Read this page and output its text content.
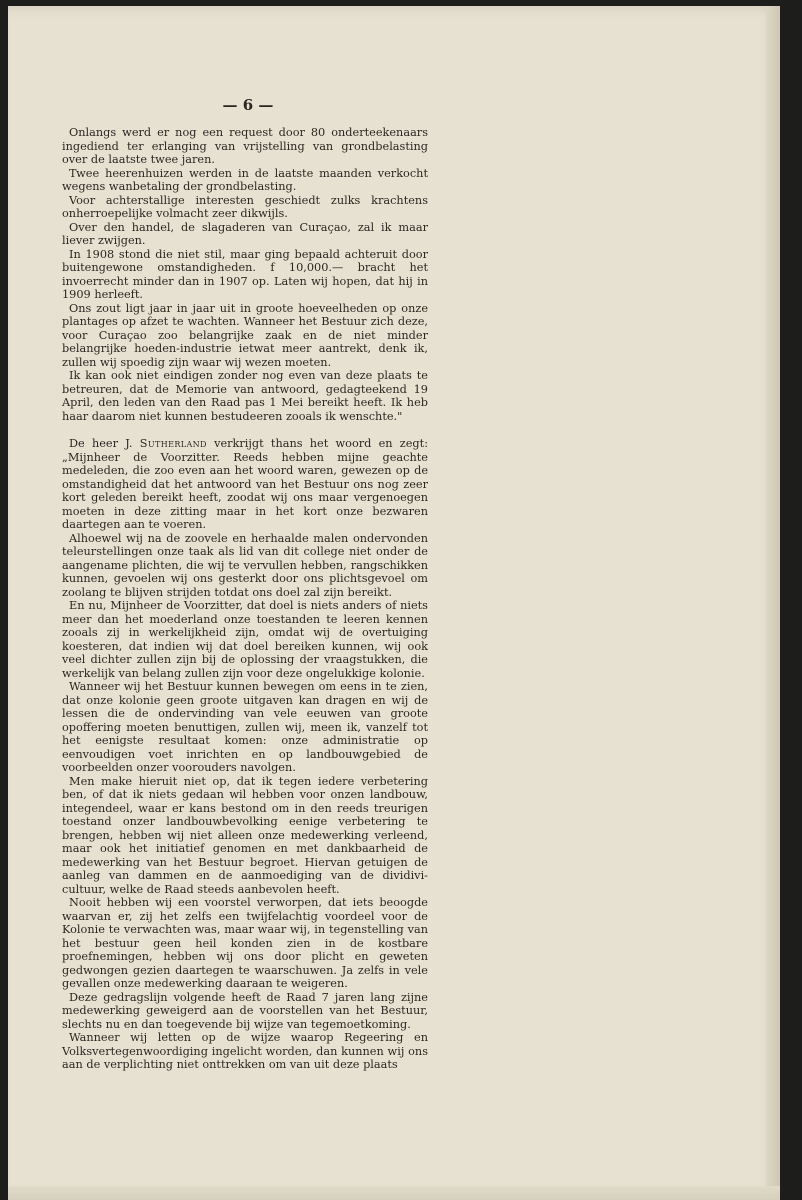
— 6 —

Onlangs werd er nog een request door 80 onderteekenaars ingediend ter erlanging van vrijstelling van grondbelasting over de laatste twee jaren.

Twee heerenhuizen werden in de laatste maanden verkocht wegens wanbetaling der grondbelasting.

Voor achterstallige interesten geschiedt zulks krachtens onherroepelijke volmacht zeer dikwijls.

Over den handel, de slagaderen van Curaçao, zal ik maar liever zwijgen.

In 1908 stond die niet stil, maar ging bepaald achteruit door buitengewone omstandigheden. f 10,000.— bracht het invoerrecht minder dan in 1907 op. Laten wij hopen, dat hij in 1909 herleeft.

Ons zout ligt jaar in jaar uit in groote hoeveelheden op onze plantages op afzet te wachten. Wanneer het Bestuur zich deze, voor Curaçao zoo belangrijke zaak en de niet minder belangrijke hoeden-industrie ietwat meer aantrekt, denk ik, zullen wij spoedig zijn waar wij wezen moeten.

Ik kan ook niet eindigen zonder nog even van deze plaats te betreuren, dat de Memorie van antwoord, gedagteekend 19 April, den leden van den Raad pas 1 Mei bereikt heeft. Ik heb haar daarom niet kunnen bestudeeren zooals ik wenschte."

De heer J. Sutherland verkrijgt thans het woord en zegt: „Mijnheer de Voorzitter. Reeds hebben mijne geachte medeleden, die zoo even aan het woord waren, gewezen op de omstandigheid dat het antwoord van het Bestuur ons nog zeer kort geleden bereikt heeft, zoodat wij ons maar vergenoegen moeten in deze zitting maar in het kort onze bezwaren daartegen aan te voeren.

Alhoewel wij na de zoovele en herhaalde malen ondervonden teleurstellingen onze taak als lid van dit college niet onder de aangename plichten, die wij te vervullen hebben, rangschikken kunnen, gevoelen wij ons gesterkt door ons plichtsgevoel om zoolang te blijven strijden totdat ons doel zal zijn bereikt.

En nu, Mijnheer de Voorzitter, dat doel is niets anders of niets meer dan het moederland onze toestanden te leeren kennen zooals zij in werkelijkheid zijn, omdat wij de overtuiging koesteren, dat indien wij dat doel bereiken kunnen, wij ook veel dichter zullen zijn bij de oplossing der vraagstukken, die werkelijk van belang zullen zijn voor deze ongelukkige kolonie.

Wanneer wij het Bestuur kunnen bewegen om eens in te zien, dat onze kolonie geen groote uitgaven kan dragen en wij de lessen die de ondervinding van vele eeuwen van groote opoffering moeten benuttigen, zullen wij, meen ik, vanzelf tot het eenigste resultaat komen: onze administratie op eenvoudigen voet inrichten en op landbouwgebied de voorbeelden onzer voorouders navolgen.

Men make hieruit niet op, dat ik tegen iedere verbetering ben, of dat ik niets gedaan wil hebben voor onzen landbouw, integendeel, waar er kans bestond om in den reeds treurigen toestand onzer landbouwbevolking eenige verbetering te brengen, hebben wij niet alleen onze medewerking verleend, maar ook het initiatief genomen en met dankbaarheid de medewerking van het Bestuur begroet. Hiervan getuigen de aanleg van dammen en de aanmoediging van de dividivi-cultuur, welke de Raad steeds aanbevolen heeft.

Nooit hebben wij een voorstel verworpen, dat iets beoogde waarvan er, zij het zelfs een twijfelachtig voordeel voor de Kolonie te verwachten was, maar waar wij, in tegenstelling van het bestuur geen heil konden zien in de kostbare proefnemingen, hebben wij ons door plicht en geweten gedwongen gezien daartegen te waarschuwen. Ja zelfs in vele gevallen onze medewerking daaraan te weigeren.

Deze gedragslijn volgende heeft de Raad 7 jaren lang zijne medewerking geweigerd aan de voorstellen van het Bestuur, slechts nu en dan toegevende bij wijze van tegemoetkoming.

Wanneer wij letten op de wijze waarop Regeering en Volksvertegenwoordiging ingelicht worden, dan kunnen wij ons aan de verplichting niet onttrekken om van uit deze plaats
